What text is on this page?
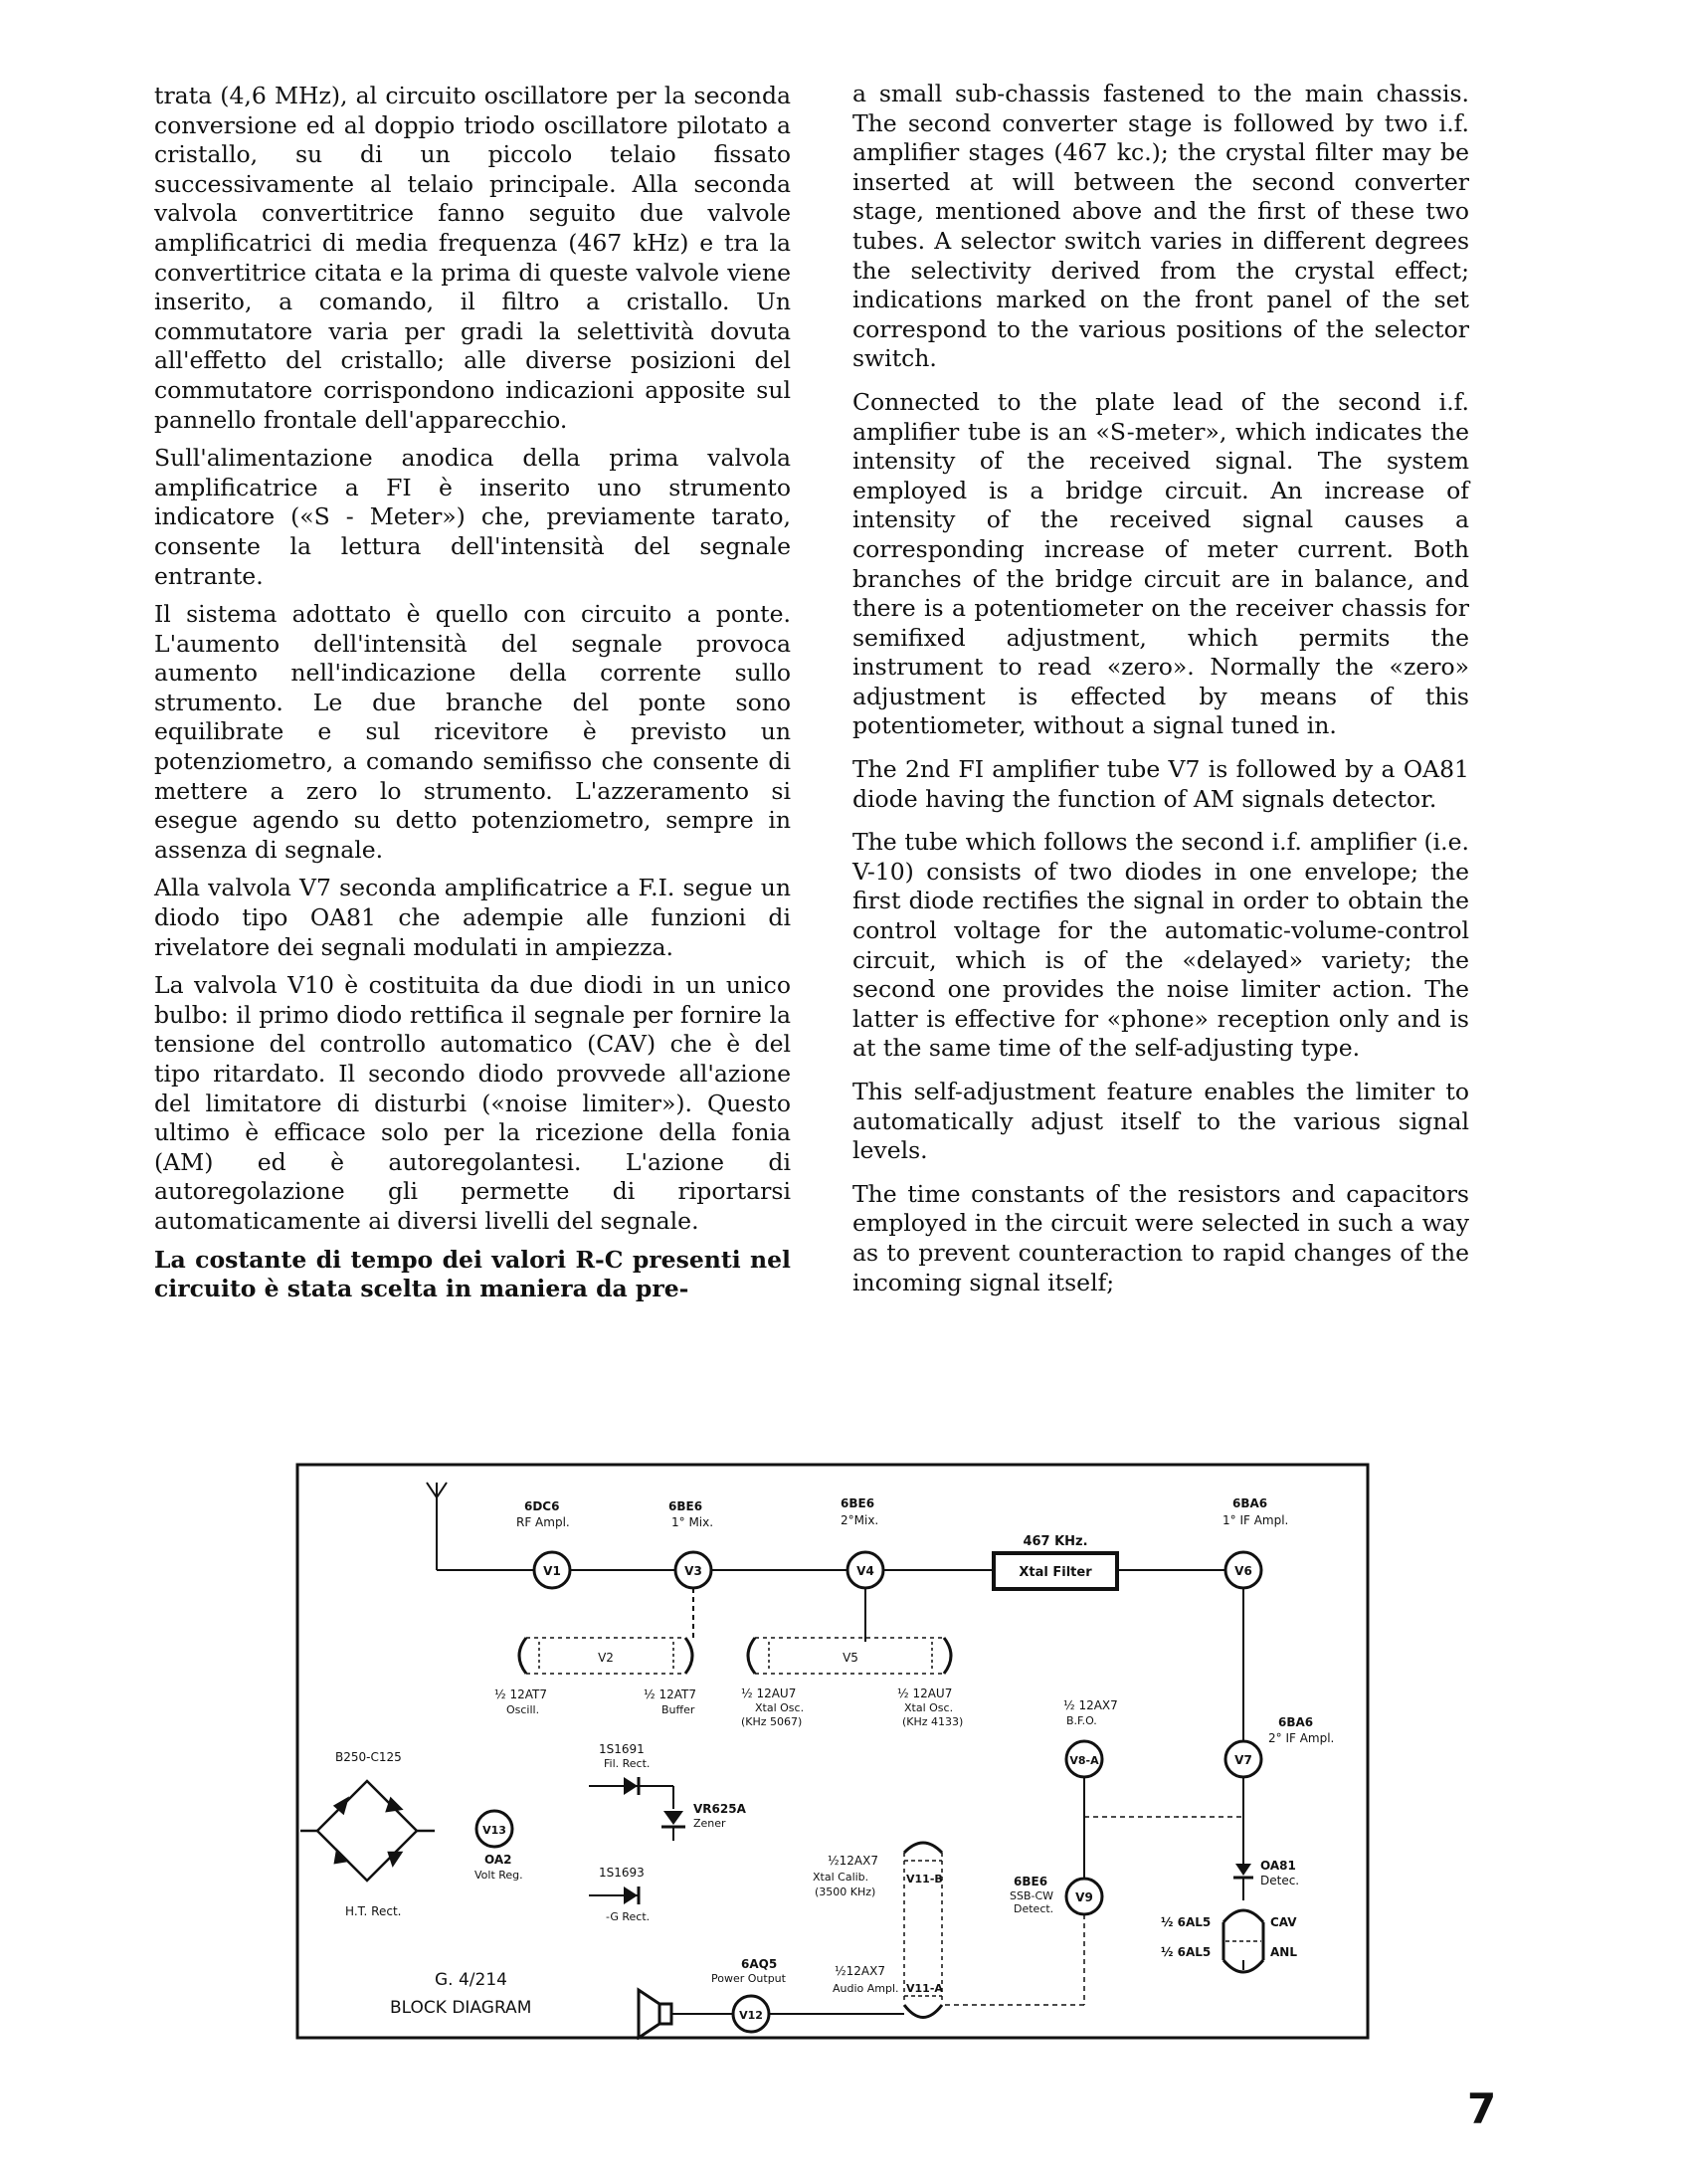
trata (4,6 MHz), al circuito oscillatore per la seconda conversione ed al doppio triodo oscillatore pilotato a cristallo, su di un piccolo telaio fissato successivamente al telaio principale. Alla seconda valvola convertitrice fanno seguito due valvole amplificatrici di media frequenza (467 kHz) e tra la convertitrice citata e la prima di queste valvole viene inserito, a comando, il filtro a cristallo. Un commutatore varia per gradi la selettività dovuta all'effetto del cristallo; alle diverse posizioni del commutatore corrispondono indicazioni apposite sul pannello frontale dell'apparecchio.

Sull'alimentazione anodica della prima valvola amplificatrice a FI è inserito uno strumento indicatore («S - Meter») che, previamente tarato, consente la lettura dell'intensità del segnale entrante.

Il sistema adottato è quello con circuito a ponte. L'aumento dell'intensità del segnale provoca aumento nell'indicazione della corrente sullo strumento. Le due branche del ponte sono equilibrate e sul ricevitore è previsto un potenziometro, a comando semifisso che consente di mettere a zero lo strumento. L'azzeramento si esegue agendo su detto potenziometro, sempre in assenza di segnale.

Alla valvola V7 seconda amplificatrice a F.I. segue un diodo tipo OA81 che adempie alle funzioni di rivelatore dei segnali modulati in ampiezza.

La valvola V10 è costituita da due diodi in un unico bulbo: il primo diodo rettifica il segnale per fornire la tensione del controllo automatico (CAV) che è del tipo ritardato. Il secondo diodo provvede all'azione del limitatore di disturbi («noise limiter»). Questo ultimo è efficace solo per la ricezione della fonia (AM) ed è autoregolantesi. L'azione di autoregolazione gli permette di riportarsi automaticamente ai diversi livelli del segnale.

La costante di tempo dei valori R-C presenti nel circuito è stata scelta in maniera da pre-

a small sub-chassis fastened to the main chassis. The second converter stage is followed by two i.f. amplifier stages (467 kc.); the crystal filter may be inserted at will between the second converter stage, mentioned above and the first of these two tubes. A selector switch varies in different degrees the selectivity derived from the crystal effect; indications marked on the front panel of the set correspond to the various positions of the selector switch.

Connected to the plate lead of the second i.f. amplifier tube is an «S-meter», which indicates the intensity of the received signal. The system employed is a bridge circuit. An increase of intensity of the received signal causes a corresponding increase of meter current. Both branches of the bridge circuit are in balance, and there is a potentiometer on the receiver chassis for semifixed adjustment, which permits the instrument to read «zero». Normally the «zero» adjustment is effected by means of this potentiometer, without a signal tuned in.

The 2nd FI amplifier tube V7 is followed by a OA81 diode having the function of AM signals detector.

The tube which follows the second i.f. amplifier (i.e. V-10) consists of two diodes in one envelope; the first diode rectifies the signal in order to obtain the control voltage for the automatic-volume-control circuit, which is of the «delayed» variety; the second one provides the noise limiter action. The latter is effective for «phone» reception only and is at the same time of the self-adjusting type.

This self-adjustment feature enables the limiter to automatically adjust itself to the various signal levels.

The time constants of the resistors and capacitors employed in the circuit were selected in such a way as to prevent counteraction to rapid changes of the incoming signal itself;

V1
6DC6
RF Ampl.
V3
6BE6
1° Mix.
V4
6BE6
2°Mix.
Xtal Filter
467 KHz.
V6
6BA6
1° IF Ampl.
V2
½ 12AT7
Oscill.
½ 12AT7
Buffer
V5
½ 12AU7
Xtal Osc.
(KHz 5067)
½ 12AU7
Xtal Osc.
(KHz 4133)
V7
6BA6
2° IF Ampl.
V8-A
½ 12AX7
B.F.O.
V9
6BE6
SSB-CW
Detect.
OA81
Detec.
½ 6AL5	CAV
½ 6AL5	ANL
V11-B
½12AX7
Xtal Calib.
(3500 KHz)
V11-A
½12AX7
Audio Ampl.
V12
6AQ5
Power Output
B250-C125
H.T. Rect.
V13
OA2
Volt Reg.
1S1691
Fil. Rect.
VR625A
Zener
1S1693
-G Rect.
G. 4/214
BLOCK DIAGRAM
7
